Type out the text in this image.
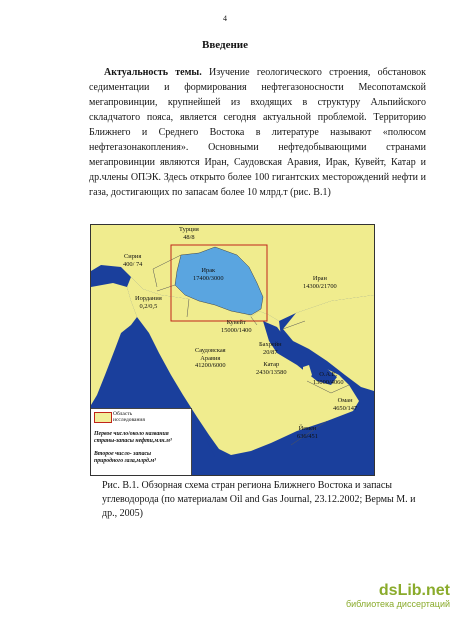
4
Введение

Актуальность темы. Изучение геологического строения, обстановок седиментации и формирования нефтегазоносности Месопотамской мегапровинции, крупнейшей из входящих в структуру Альпийского складчатого пояса, является сегодня актуальной проблемой. Территорию Ближнего и Среднего Востока в литературе называют «полюсом нефтегазонакопления». Основными нефтедобывающими странами мегапровинции являются Иран, Саудовская Аравия, Ирак, Кувейт, Катар и др.члены ОПЭК. Здесь открыто более 100 гигантских месторождений нефти и газа, достигающих по запасам более 10 млрд.т (рис. В.1)

Турция
48/8
Сирия
400/ 74
Ирак
17400/3000	Иран
14300/21700
Иордания
0,2/0,5
Кувейт
15000/1400
Бахрейн
20/87
Катар
2430/13580	О.А.Е.
13000/4060
Оман
4650/147
Саудовская
Аравия
41200/6000
Йемен
636/451
Область
исследования
Первое число/около названия
страны-запасы нефти,млн.м³
Второе число- запасы
природного газа,млрд.м³
Рис. В.1. Обзорная схема стран региона Ближнего Востока и запасы углеводорода (по материалам Oil and Gas Journal, 23.12.2002; Вермы М. и др., 2005)
dsLib.net
библиотека диссертаций
